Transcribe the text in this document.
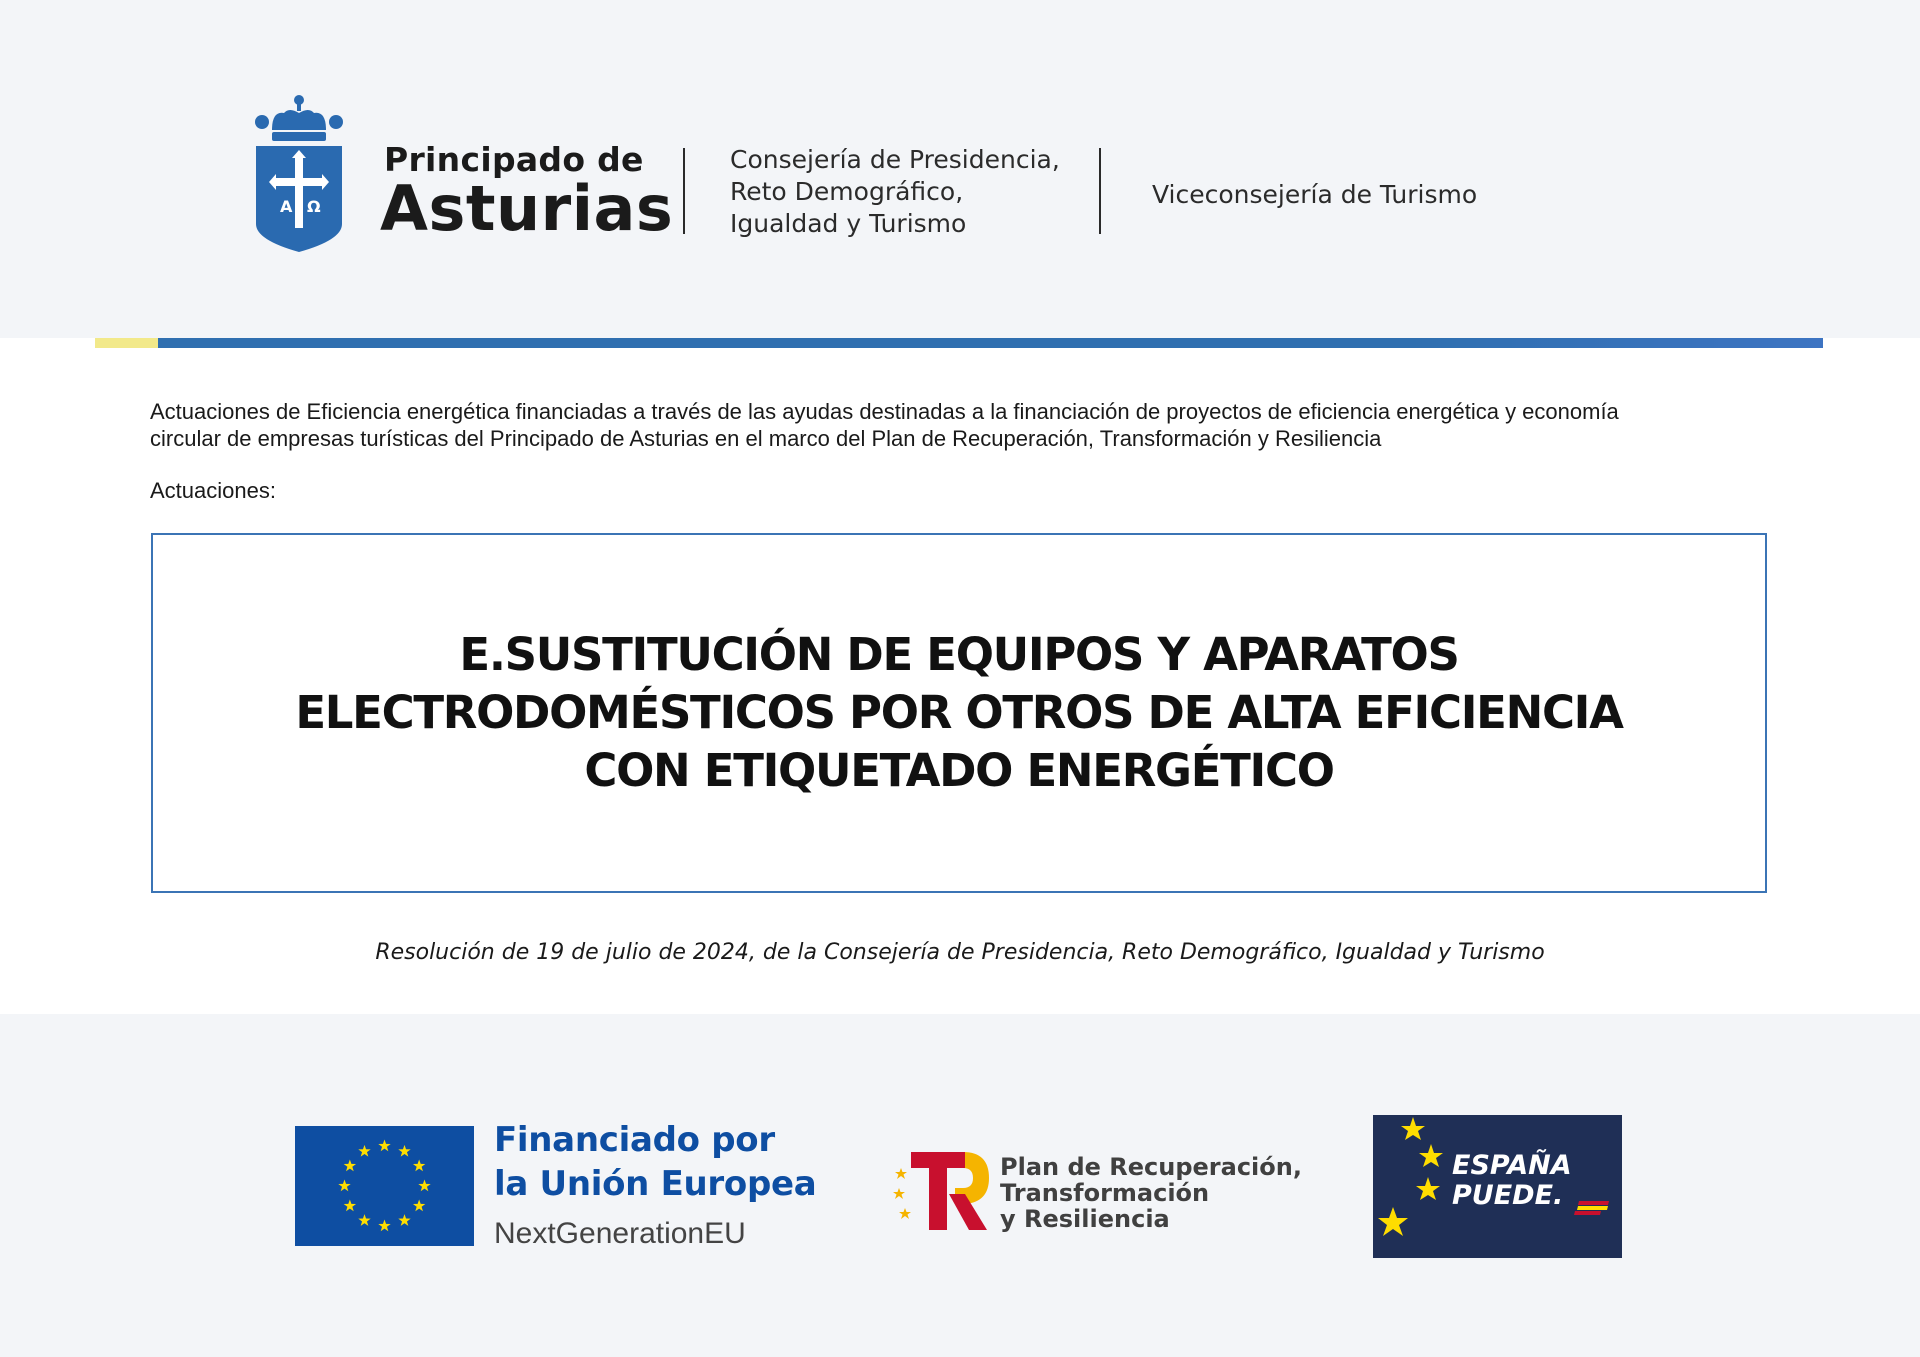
A Ω
Principado de
Asturias
Consejería de Presidencia,
Reto Demográfico,
Igualdad y Turismo
Viceconsejería de Turismo

Actuaciones de Eficiencia energética financiadas a través de las ayudas destinadas a la financiación de proyectos de eficiencia energética y economía

circular de empresas turísticas del Principado de Asturias en el marco del Plan de Recuperación, Transformación y Resiliencia

Actuaciones:

E.SUSTITUCIÓN DE EQUIPOS Y APARATOS

ELECTRODOMÉSTICOS POR OTROS DE ALTA EFICIENCIA

CON ETIQUETADO ENERGÉTICO

Resolución de 19 de julio de 2024, de la Consejería de Presidencia, Reto Demográfico, Igualdad y Turismo
Financiado por
la Unión Europea
NextGenerationEU
Plan de Recuperación,
Transformación
y Resiliencia
ESPAÑA
PUEDE.
